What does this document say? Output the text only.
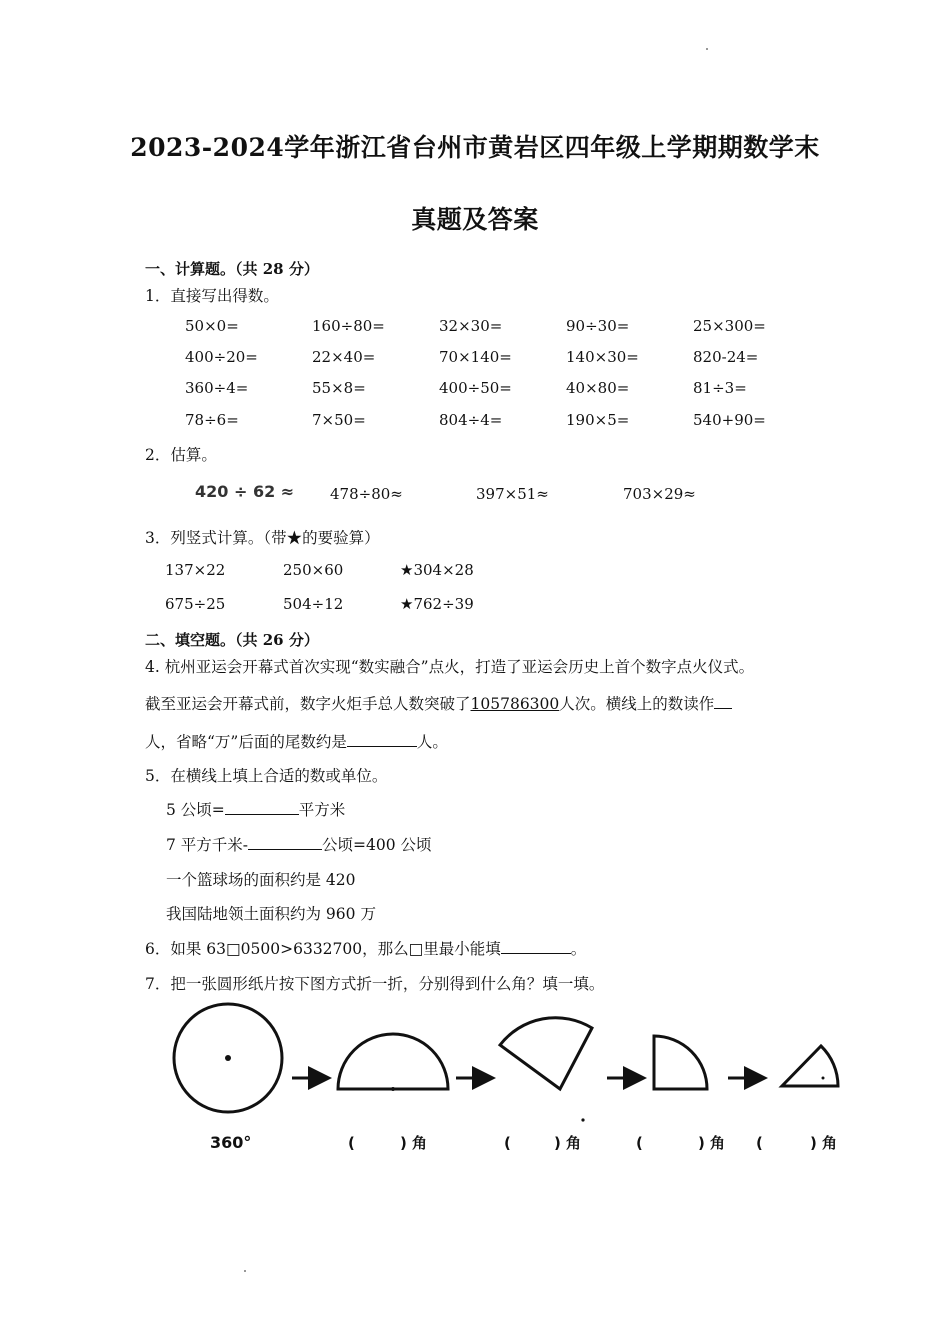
2023-2024学年浙江省台州市黄岩区四年级上学期期数学末
真题及答案
一、计算题。（共 28 分）
1．直接写出得数。
50×0=	160÷80=	32×30=	90÷30=	25×300=
400÷20=	22×40=	70×140=	140×30=	820-24=
360÷4=	55×8=	400÷50=	40×80=	81÷3=
78÷6=	7×50=	804÷4=	190×5=	540+90=
2．估算。
420 ÷ 62 ≈ 478÷80≈	397×51≈	703×29≈
3．列竖式计算。（带★的要验算）
137×22	250×60	★304×28
675÷25	504÷12	★762÷39
二、填空题。（共 26 分）
4. 杭州亚运会开幕式首次实现“数实融合”点火，打造了亚运会历史上首个数字点火仪式。
截至亚运会开幕式前，数字火炬手总人数突破了105786300人次。横线上的数读作
人，省略“万”后面的尾数约是	人。
5．在横线上填上合适的数或单位。
5 公顷=	平方米
7 平方千米-	公顷=400 公顷
一个篮球场的面积约是 420
我国陆地领土面积约为 960 万
6．如果 63□0500>6332700，那么□里最小能填	。
7．把一张圆形纸片按下图方式折一折，分别得到什么角？填一填。
360°	(	) 角	(	) 角	(	) 角 (	) 角
